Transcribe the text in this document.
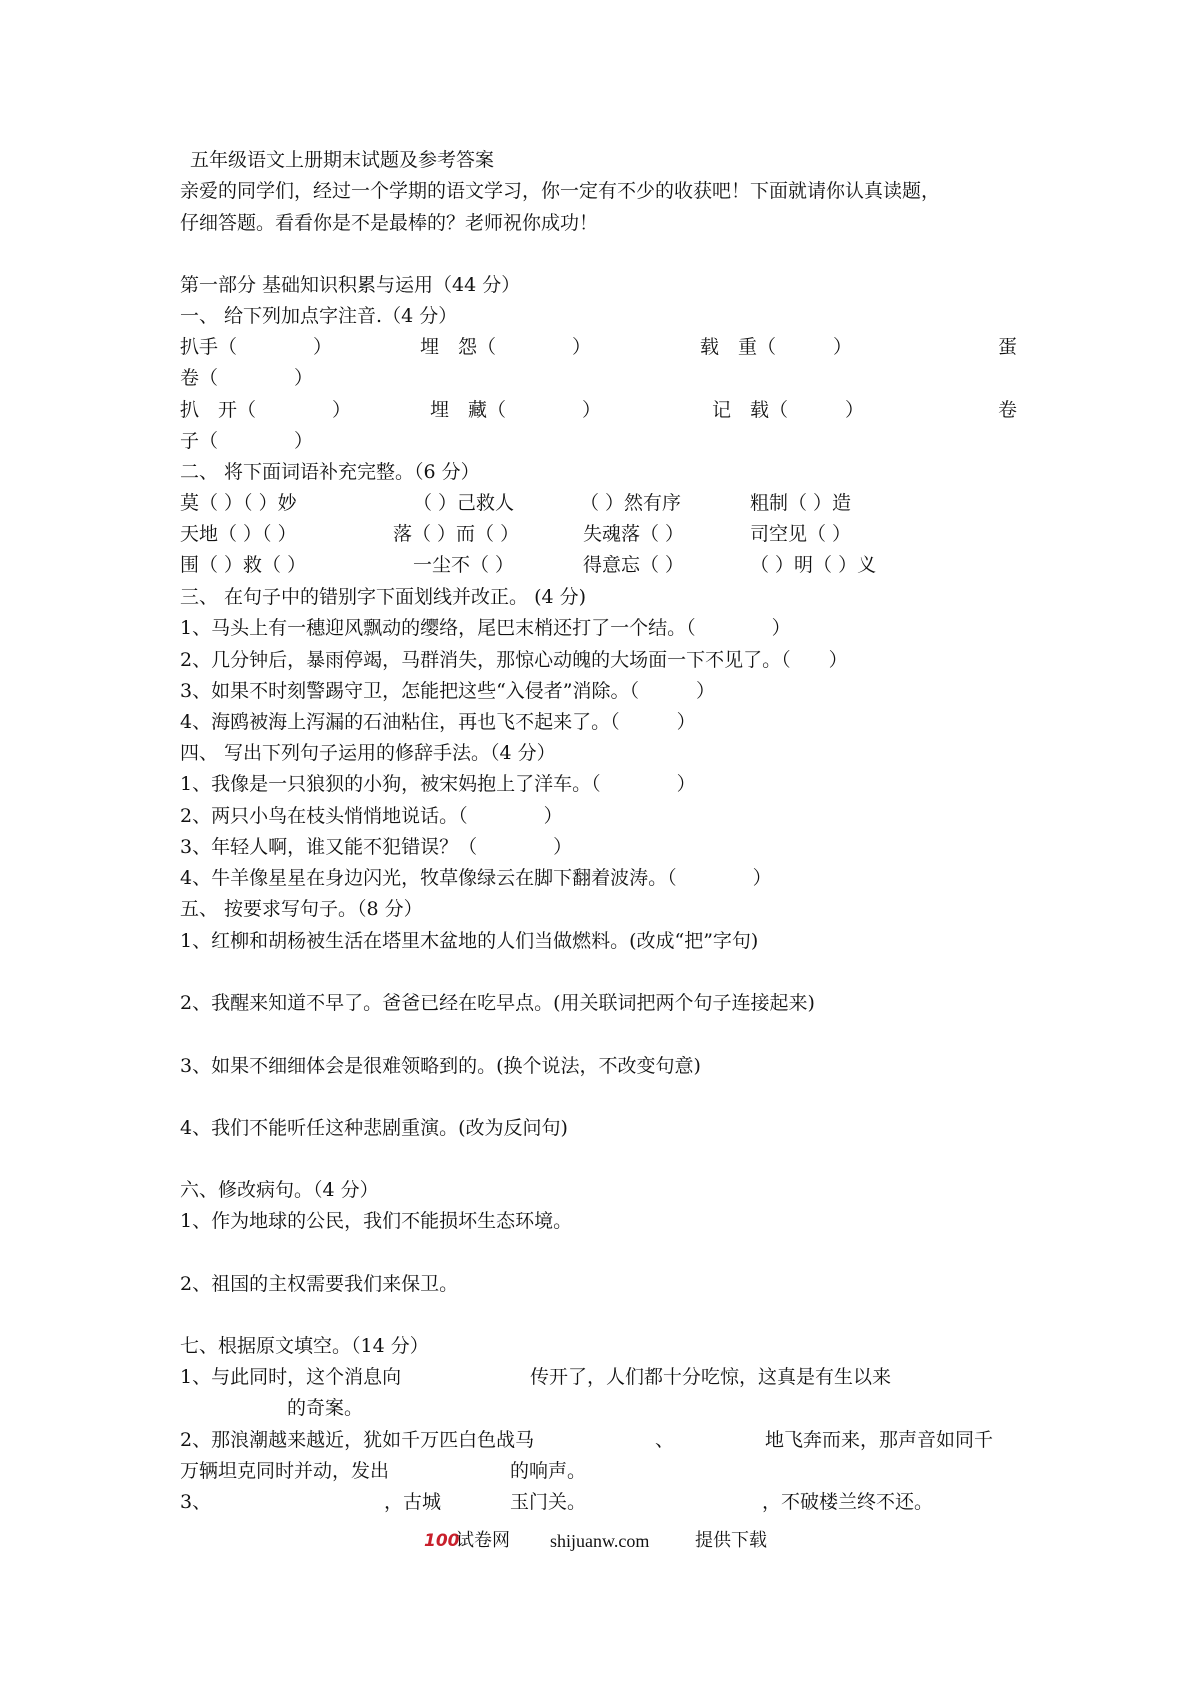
五年级语文上册期末试题及参考答案
亲爱的同学们，经过一个学期的语文学习，你一定有不少的收获吧！下面就请你认真读题，
仔细答题。看看你是不是最棒的？老师祝你成功！
第一部分 基础知识积累与运用（44 分）
一、 给下列加点字注音.（4 分）
扒手（　　　　）	埋　怨（　　　　）	载　重（　　　）	蛋
卷（　　　　）
扒　开（　　　　）	埋　藏（　　　　）	记　载（　　　）	卷
子（　　　　）
二、 将下面词语补充完整。（6 分）
莫（ ）（ ）妙	（ ）己救人	（ ）然有序	粗制（ ）造
天地（ ）（ ）	落（ ）而（ ）	失魂落（ ）	司空见（ ）
围（ ）救（ ）	一尘不（ ）	得意忘（ ）	（ ）明（ ）义
三、 在句子中的错别字下面划线并改正。 (4 分)
1、马头上有一穗迎风飘动的缨络，尾巴末梢还打了一个结。（　　　　）
2、几分钟后，暴雨停竭，马群消失，那惊心动魄的大场面一下不见了。（　　）
3、如果不时刻警踢守卫，怎能把这些“入侵者”消除。（　　　）
4、海鸥被海上泻漏的石油粘住，再也飞不起来了。（　　　）
四、 写出下列句子运用的修辞手法。（4 分）
1、我像是一只狼狈的小狗，被宋妈抱上了洋车。（　　　　）
2、两只小鸟在枝头悄悄地说话。（　　　　）
3、年轻人啊，谁又能不犯错误？（　　　　）
4、牛羊像星星在身边闪光，牧草像绿云在脚下翻着波涛。（　　　　）
五、 按要求写句子。（8 分）
1、红柳和胡杨被生活在塔里木盆地的人们当做燃料。(改成“把”字句)
2、我醒来知道不早了。爸爸已经在吃早点。(用关联词把两个句子连接起来)
3、如果不细细体会是很难领略到的。(换个说法，不改变句意)
4、我们不能听任这种悲剧重演。(改为反问句)
六、修改病句。（4 分）
1、作为地球的公民，我们不能损坏生态环境。
2、祖国的主权需要我们来保卫。
七、根据原文填空。（14 分）
1、与此同时，这个消息向	传开了，人们都十分吃惊，这真是有生以来
的奇案。
2、那浪潮越来越近，犹如千万匹白色战马	、	地飞奔而来，那声音如同千
万辆坦克同时并动，发出	的响声。
3、	，古城	玉门关。	，不破楼兰终不还。
100
试卷网 shijuanw.com	提供下载
